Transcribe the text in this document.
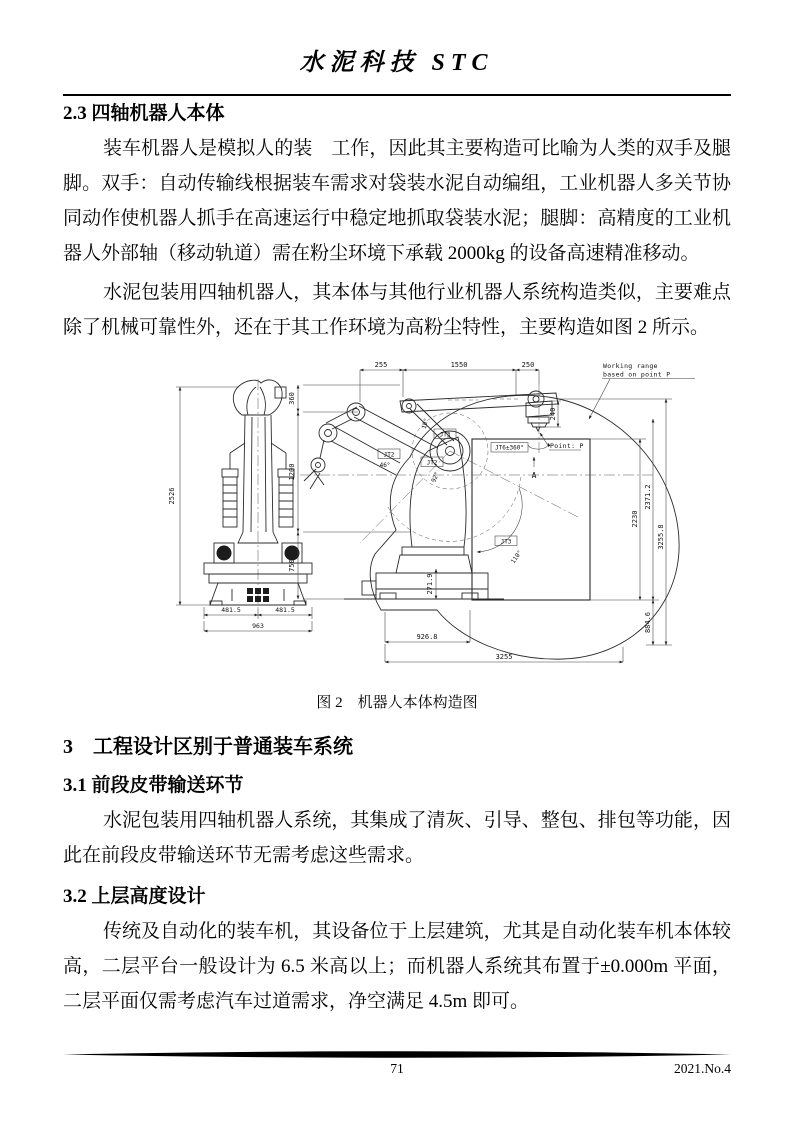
水泥科技 STC
2.3 四轴机器人本体

装车机器人是模拟人的装　工作，因此其主要构造可比喻为人类的双手及腿脚。双手：自动传输线根据装车需求对袋装水泥自动编组，工业机器人多关节协同动作使机器人抓手在高速运行中稳定地抓取袋装水泥；腿脚：高精度的工业机器人外部轴（移动轨道）需在粉尘环境下承载 2000kg 的设备高速精准移动。

水泥包装用四轴机器人，其本体与其他行业机器人系统构造类似，主要难点除了机械可靠性外，还在于其工作环境为高粉尘特性，主要构造如图 2 所示。

2526
481.5	481.5
963
255	1550	250
360
1200
750
240
2230
2371.2
3255.8
884.6
271.9
926.8
3255
Working range
based on point P
Point: P
A
JT3
10°
JT2
46°	JT2
92°
JT6±360°
JT3
110°
图 2　机器人本体构造图
3　工程设计区别于普通装车系统
3.1 前段皮带输送环节

水泥包装用四轴机器人系统，其集成了清灰、引导、整包、排包等功能，因此在前段皮带输送环节无需考虑这些需求。

3.2 上层高度设计

传统及自动化的装车机，其设备位于上层建筑，尤其是自动化装车机本体较高，二层平台一般设计为 6.5 米高以上；而机器人系统其布置于±0.000m 平面，二层平面仅需考虑汽车过道需求，净空满足 4.5m 即可。

71	2021.No.4
